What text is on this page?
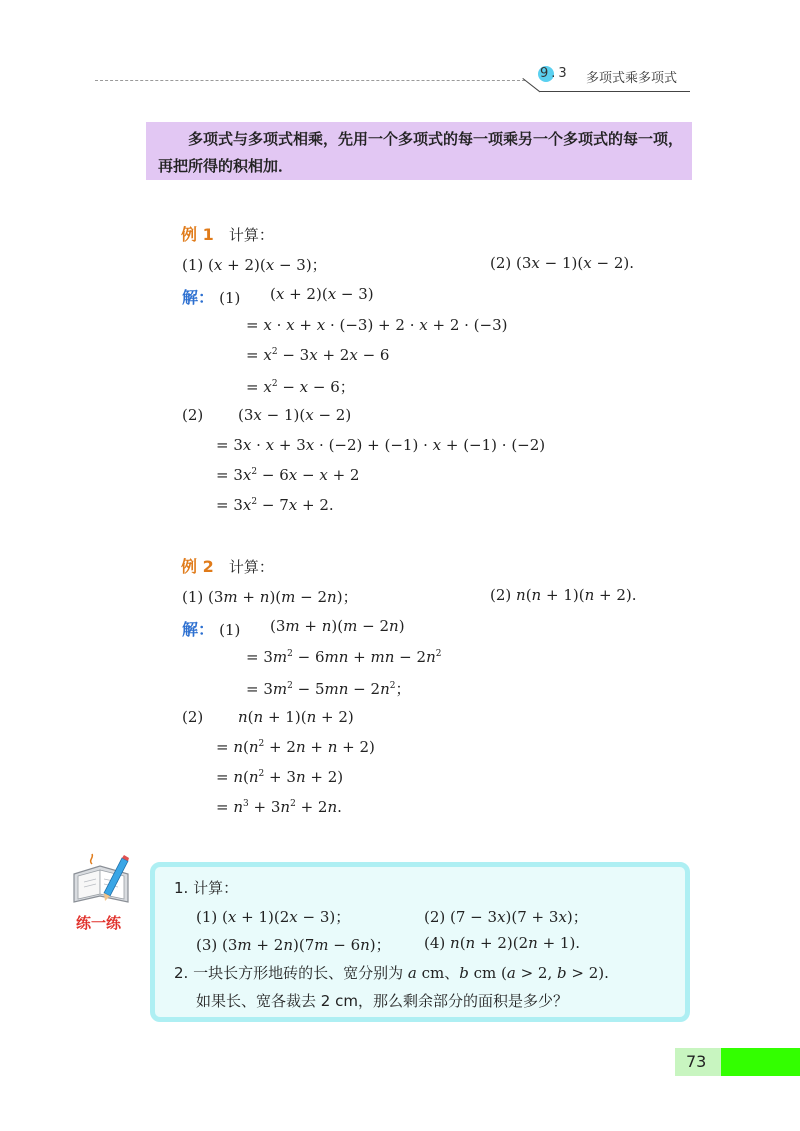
9.3 多项式乘多项式
多项式与多项式相乘，先用一个多项式的每一项乘另一个多项式的每一项，再把所得的积相加．
例 1 计算：
(1) (x + 2)(x − 3)；	(2) (3x − 1)(x − 2).
解： (1) (x + 2)(x − 3)
= x · x + x · (−3) + 2 · x + 2 · (−3)
= $x^2 - 3x + 2x - 6$
= $x^2 - x - 6$；
(2) (3x − 1)(x − 2)
= 3x · x + 3x · (−2) + (−1) · x + (−1) · (−2)
= $3x^2 - 6x - x + 2$
= $3x^2 - 7x + 2$.
例 2 计算：
(1) (3m + n)(m − 2n)；	(2) n(n + 1)(n + 2).
解： (1) (3m + n)(m − 2n)
= $3m^2 - 6mn$ + mn − $2n^2$
= $3m^2 - 5mn - 2n^2$；
(2) n(n + 1)(n + 2)
= $n(n^2 + 2n + n + 2)$
= $n(n^2 + 3n + 2)$
= $n^3 + 3n^2 + 2n$.
练一练
1. 计算：
(1) (x + 1)(2x − 3)；	(2) (7 − 3x)(7 + 3x)；
(3) (3m + 2n)(7m − 6n)； (4) n(n + 2)(2n + 1).
2. 一块长方形地砖的长、宽分别为 a cm、b cm (a > 2, b > 2).
如果长、宽各裁去 2 cm，那么剩余部分的面积是多少？
73
